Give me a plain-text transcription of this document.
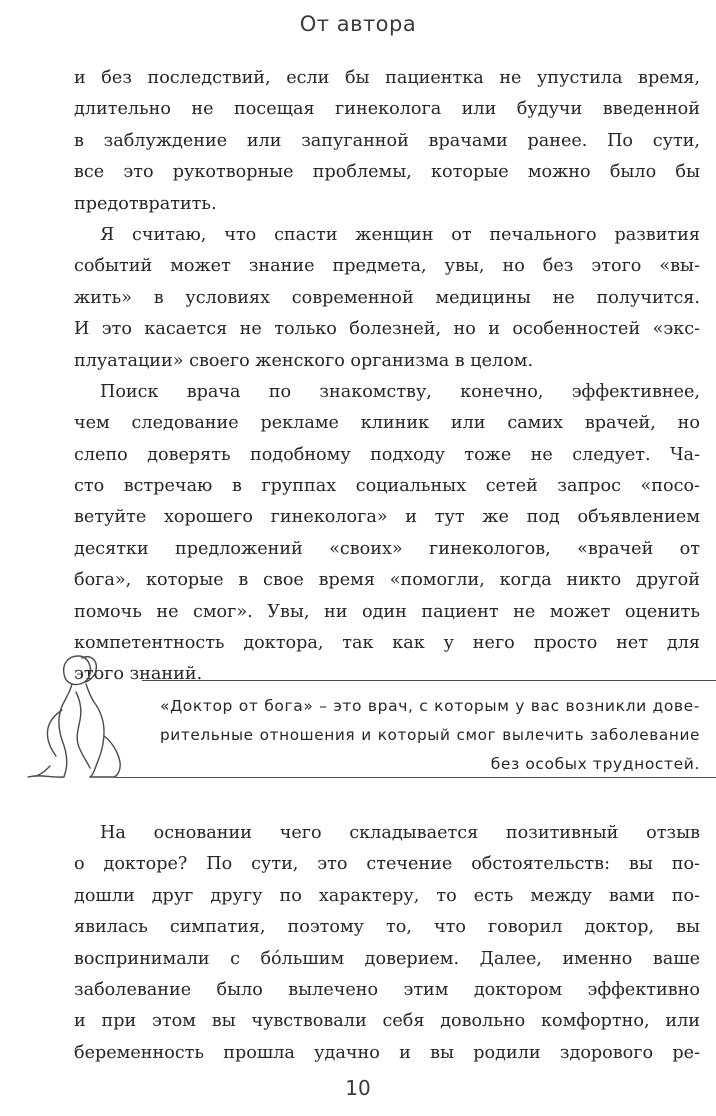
От автора
и без последствий, если бы пациентка не упустила время,
длительно не посещая гинеколога или будучи введенной
в заблуждение или запуганной врачами ранее. По сути,
все это рукотворные проблемы, которые можно было бы
предотвратить.
Я считаю, что спасти женщин от печального развития
событий может знание предмета, увы, но без этого «вы-
жить» в условиях современной медицины не получится.
И это касается не только болезней, но и особенностей «экс-
плуатации» своего женского организма в целом.
Поиск врача по знакомству, конечно, эффективнее,
чем следование рекламе клиник или самих врачей, но
слепо доверять подобному подходу тоже не следует. Ча-
сто встречаю в группах социальных сетей запрос «посо-
ветуйте хорошего гинеколога» и тут же под объявлением
десятки предложений «своих» гинекологов, «врачей от
бога», которые в свое время «помогли, когда никто другой
помочь не смог». Увы, ни один пациент не может оценить
компетентность доктора, так как у него просто нет для
этого знаний.
«Доктор от бога» – это врач, с которым у вас возникли дове-
рительные отношения и который смог вылечить заболевание
без особых трудностей.
На основании чего складывается позитивный отзыв
о докторе? По сути, это стечение обстоятельств: вы по-
дошли друг другу по характеру, то есть между вами по-
явилась симпатия, поэтому то, что говорил доктор, вы
воспринимали с бóльшим доверием. Далее, именно ваше
заболевание было вылечено этим доктором эффективно
и при этом вы чувствовали себя довольно комфортно, или
беременность прошла удачно и вы родили здорового ре-
10
